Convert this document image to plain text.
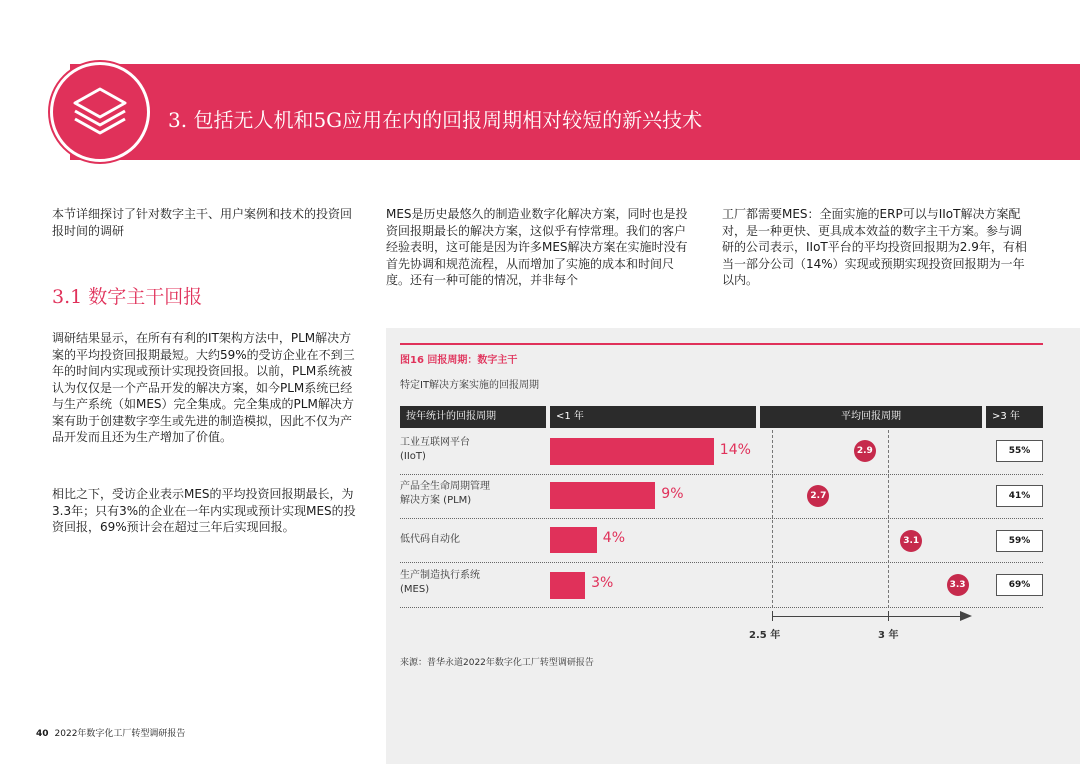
3. 包括无人机和5G应用在内的回报周期相对较短的新兴技术
本节详细探讨了针对数字主干、用户案例和技术的投资回报时间的调研
MES是历史最悠久的制造业数字化解决方案，同时也是投资回报期最长的解决方案，这似乎有悖常理。我们的客户经验表明，这可能是因为许多MES解决方案在实施时没有首先协调和规范流程，从而增加了实施的成本和时间尺度。还有一种可能的情况，并非每个
工厂都需要MES：全面实施的ERP可以与IIoT解决方案配对，是一种更快、更具成本效益的数字主干方案。参与调研的公司表示，IIoT平台的平均投资回报期为2.9年，有相当一部分公司（14%）实现或预期实现投资回报期为一年以内。
3.1 数字主干回报
调研结果显示，在所有有利的IT架构方法中，PLM解决方案的平均投资回报期最短。大约59%的受访企业在不到三年的时间内实现或预计实现投资回报。以前，PLM系统被认为仅仅是一个产品开发的解决方案，如今PLM系统已经与生产系统（如MES）完全集成。完全集成的PLM解决方案有助于创建数字孪生或先进的制造模拟，因此不仅为产品开发而且还为生产增加了价值。
相比之下，受访企业表示MES的平均投资回报期最长，为3.3年；只有3%的企业在一年内实现或预计实现MES的投资回报，69%预计会在超过三年后实现回报。
图16 回报周期：数字主干
特定IT解决方案实施的回报周期
按年统计的回报周期	<1 年	平均回报周期	>3 年
工业互联网平台
(IIoT)	14%	2.9	55%
产品全生命周期管理
解决方案 (PLM)	9%	2.7	41%
低代码自动化	4%	3.1	59%
生产制造执行系统
(MES)	3%	3.3	69%
2.5 年	3 年
来源：普华永道2022年数字化工厂转型调研报告
40 2022年数字化工厂转型调研报告
